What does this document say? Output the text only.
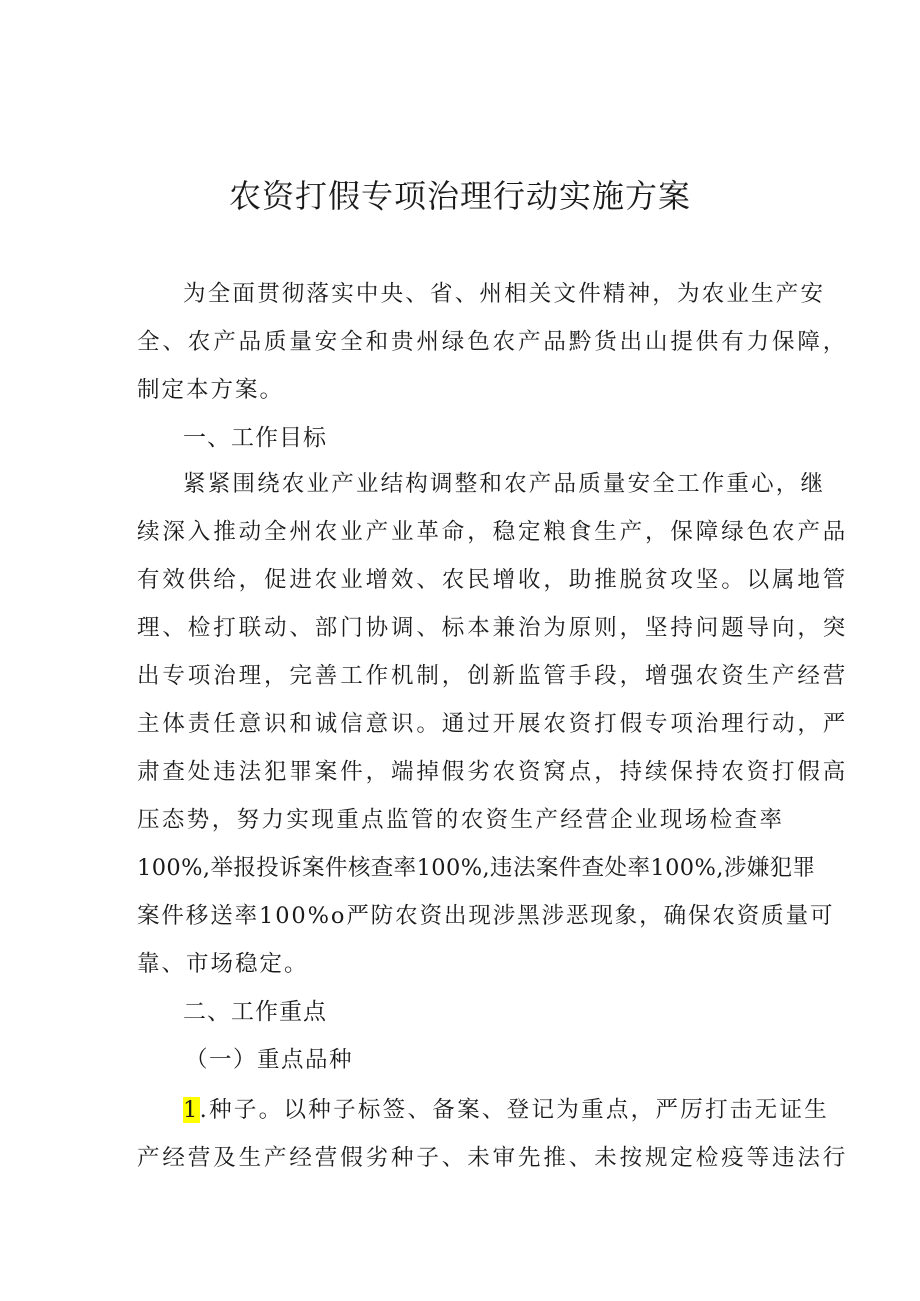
农资打假专项治理行动实施方案

为全面贯彻落实中央、省、州相关文件精神，为农业生产安

全、农产品质量安全和贵州绿色农产品黔货出山提供有力保障，

制定本方案。

一、工作目标

紧紧围绕农业产业结构调整和农产品质量安全工作重心，继

续深入推动全州农业产业革命，稳定粮食生产，保障绿色农产品

有效供给，促进农业增效、农民增收，助推脱贫攻坚。以属地管

理、检打联动、部门协调、标本兼治为原则，坚持问题导向，突

出专项治理，完善工作机制，创新监管手段，增强农资生产经营

主体责任意识和诚信意识。通过开展农资打假专项治理行动，严

肃查处违法犯罪案件，端掉假劣农资窝点，持续保持农资打假高

压态势，努力实现重点监管的农资生产经营企业现场检查率

100%,举报投诉案件核查率100%,违法案件查处率100%,涉嫌犯罪

案件移送率100%o严防农资出现涉黑涉恶现象，确保农资质量可

靠、市场稳定。

二、工作重点

（一）重点品种

1.种子。以种子标签、备案、登记为重点，严厉打击无证生

产经营及生产经营假劣种子、未审先推、未按规定检疫等违法行
